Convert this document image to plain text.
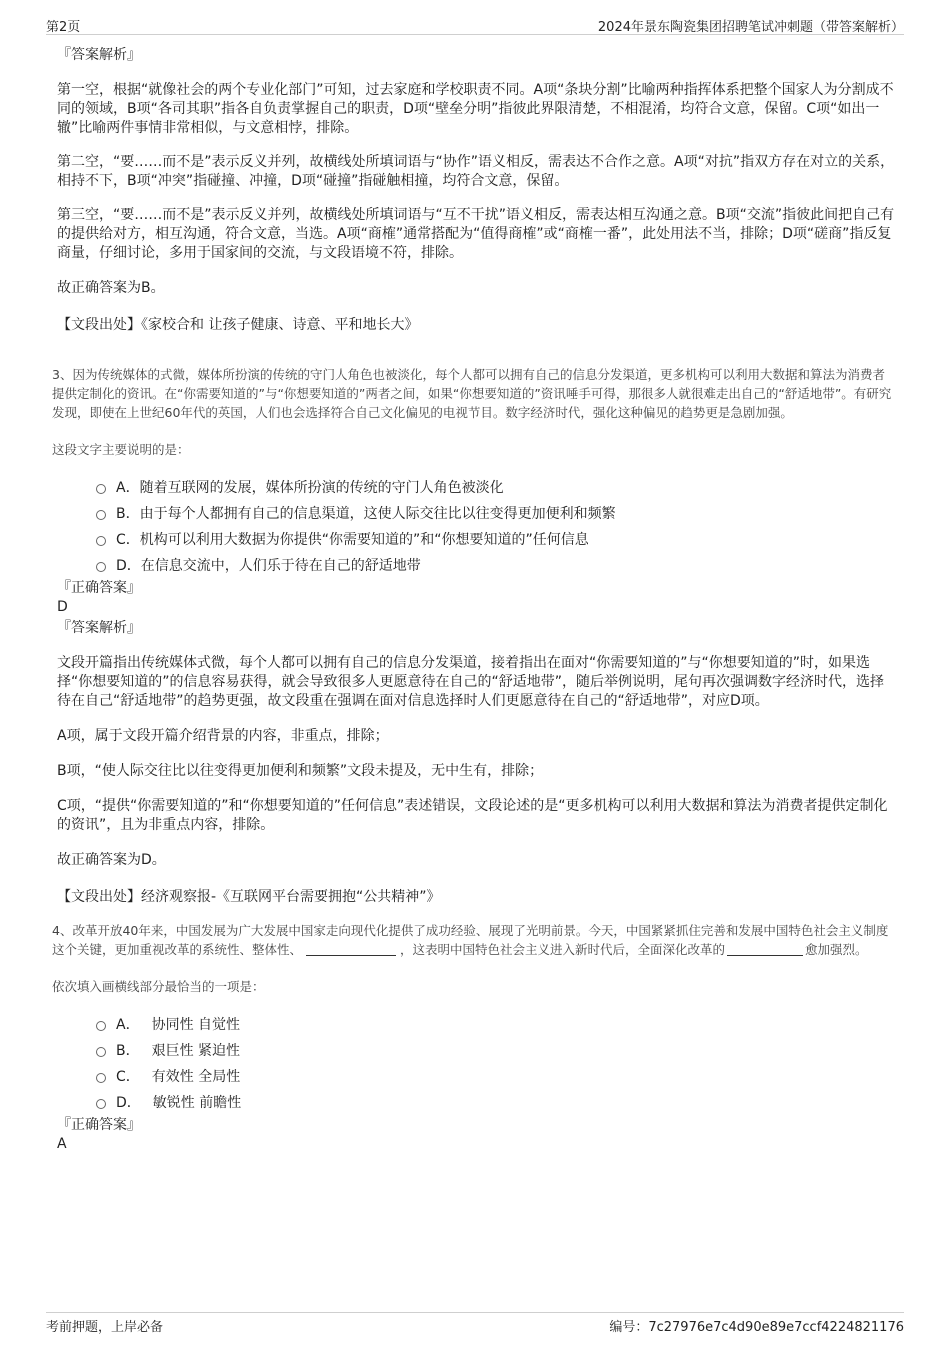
第2页	2024年景东陶瓷集团招聘笔试冲刺题（带答案解析）

『答案解析』

第一空，根据“就像社会的两个专业化部门”可知，过去家庭和学校职责不同。A项“条块分割”比喻两种指挥体系把整个国家人为分割成不同的领域，B项“各司其职”指各自负责掌握自己的职责，D项“壁垒分明”指彼此界限清楚，不相混淆，均符合文意，保留。C项“如出一辙”比喻两件事情非常相似，与文意相悖，排除。

第二空，“要……而不是”表示反义并列，故横线处所填词语与“协作”语义相反，需表达不合作之意。A项“对抗”指双方存在对立的关系，相持不下，B项“冲突”指碰撞、冲撞，D项“碰撞”指碰触相撞，均符合文意，保留。

第三空，“要……而不是”表示反义并列，故横线处所填词语与“互不干扰”语义相反，需表达相互沟通之意。B项“交流”指彼此间把自己有的提供给对方，相互沟通，符合文意，当选。A项“商榷”通常搭配为“值得商榷”或“商榷一番”，此处用法不当，排除；D项“磋商”指反复商量，仔细讨论，多用于国家间的交流，与文段语境不符，排除。

故正确答案为B。

【文段出处】《家校合和 让孩子健康、诗意、平和地长大》

3、因为传统媒体的式微，媒体所扮演的传统的守门人角色也被淡化，每个人都可以拥有自己的信息分发渠道，更多机构可以利用大数据和算法为消费者提供定制化的资讯。在“你需要知道的”与“你想要知道的”两者之间，如果“你想要知道的”资讯唾手可得，那很多人就很难走出自己的“舒适地带”。有研究发现，即使在上世纪60年代的英国，人们也会选择符合自己文化偏见的电视节目。数字经济时代，强化这种偏见的趋势更是急剧加强。

这段文字主要说明的是：

A． 随着互联网的发展，媒体所扮演的传统的守门人角色被淡化
B． 由于每个人都拥有自己的信息渠道，这使人际交往比以往变得更加便利和频繁
C． 机构可以利用大数据为你提供“你需要知道的”和“你想要知道的”任何信息
D． 在信息交流中，人们乐于待在自己的舒适地带

『正确答案』

D

『答案解析』

文段开篇指出传统媒体式微，每个人都可以拥有自己的信息分发渠道，接着指出在面对“你需要知道的”与“你想要知道的”时，如果选择“你想要知道的”的信息容易获得，就会导致很多人更愿意待在自己的“舒适地带”，随后举例说明，尾句再次强调数字经济时代，选择待在自己“舒适地带”的趋势更强，故文段重在强调在面对信息选择时人们更愿意待在自己的“舒适地带”，对应D项。

A项，属于文段开篇介绍背景的内容，非重点，排除；

B项，“使人际交往比以往变得更加便利和频繁”文段未提及，无中生有，排除；

C项，“提供“你需要知道的”和“你想要知道的”任何信息”表述错误，文段论述的是“更多机构可以利用大数据和算法为消费者提供定制化的资讯”，且为非重点内容，排除。

故正确答案为D。

【文段出处】经济观察报-《互联网平台需要拥抱“公共精神”》

4、改革开放40年来，中国发展为广大发展中国家走向现代化提供了成功经验、展现了光明前景。今天，中国紧紧抓住完善和发展中国特色社会主义制度这个关键，更加重视改革的系统性、整体性、	，这表明中国特色社会主义进入新时代后，全面深化改革的	愈加强烈。

依次填入画横线部分最恰当的一项是：

A． 协同性 自觉性
B． 艰巨性 紧迫性
C． 有效性 全局性
D． 敏锐性 前瞻性

『正确答案』

A

考前押题，上岸必备	编号：7c27976e7c4d90e89e7ccf4224821176
